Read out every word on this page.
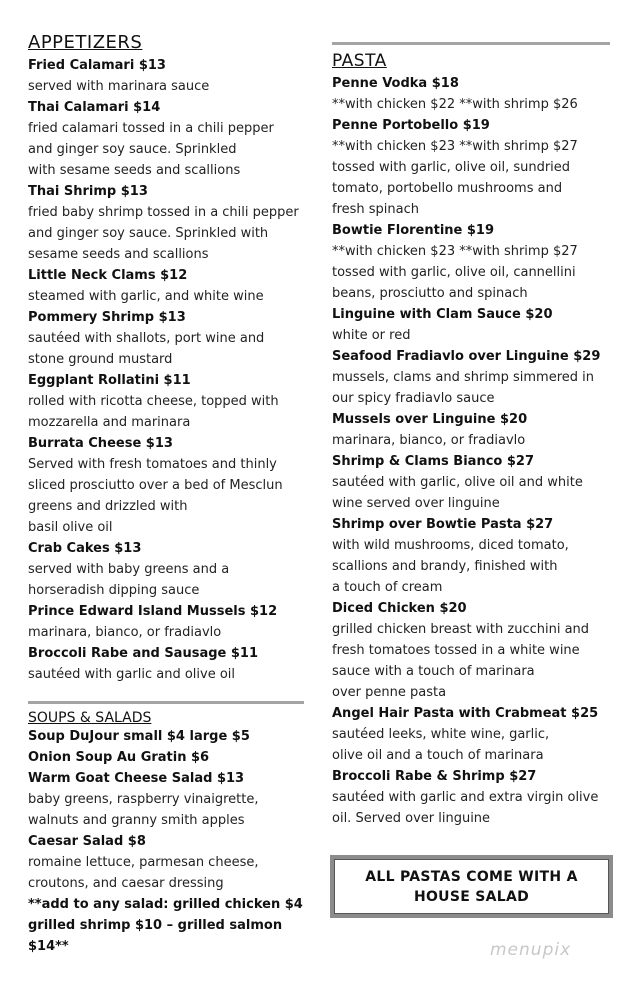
APPETIZERS
Fried Calamari $13
served with marinara sauce
Thai Calamari $14
fried calamari tossed in a chili pepper
and ginger soy sauce. Sprinkled
with sesame seeds and scallions
Thai Shrimp $13
fried baby shrimp tossed in a chili pepper
and ginger soy sauce. Sprinkled with
sesame seeds and scallions
Little Neck Clams $12
steamed with garlic, and white wine
Pommery Shrimp $13
sautéed with shallots, port wine and
stone ground mustard
Eggplant Rollatini $11
rolled with ricotta cheese, topped with
mozzarella and marinara
Burrata Cheese $13
Served with fresh tomatoes and thinly
sliced prosciutto over a bed of Mesclun
greens and drizzled with
basil olive oil
Crab Cakes $13
served with baby greens and a
horseradish dipping sauce
Prince Edward Island Mussels $12
marinara, bianco, or fradiavlo
Broccoli Rabe and Sausage $11
sautéed with garlic and olive oil
SOUPS & SALADS
Soup DuJour small $4 large $5
Onion Soup Au Gratin $6
Warm Goat Cheese Salad $13
baby greens, raspberry vinaigrette,
walnuts and granny smith apples
Caesar Salad $8
romaine lettuce, parmesan cheese,
croutons, and caesar dressing
**add to any salad: grilled chicken $4
grilled shrimp $10 – grilled salmon $14**
PASTA
Penne Vodka $18
**with chicken $22 **with shrimp $26
Penne Portobello $19
**with chicken $23 **with shrimp $27
tossed with garlic, olive oil, sundried
tomato, portobello mushrooms and
fresh spinach
Bowtie Florentine $19
**with chicken $23 **with shrimp $27
tossed with garlic, olive oil, cannellini
beans, prosciutto and spinach
Linguine with Clam Sauce $20
white or red
Seafood Fradiavlo over Linguine $29
mussels, clams and shrimp simmered in
our spicy fradiavlo sauce
Mussels over Linguine $20
marinara, bianco, or fradiavlo
Shrimp & Clams Bianco $27
sautéed with garlic, olive oil and white
wine served over linguine
Shrimp over Bowtie Pasta $27
with wild mushrooms, diced tomato,
scallions and brandy, finished with
a touch of cream
Diced Chicken $20
grilled chicken breast with zucchini and
fresh tomatoes tossed in a white wine
sauce with a touch of marinara
over penne pasta
Angel Hair Pasta with Crabmeat $25
sautéed leeks, white wine, garlic,
olive oil and a touch of marinara
Broccoli Rabe & Shrimp $27
sautéed with garlic and extra virgin olive
oil. Served over linguine
ALL PASTAS COME WITH A HOUSE SALAD
menupix
